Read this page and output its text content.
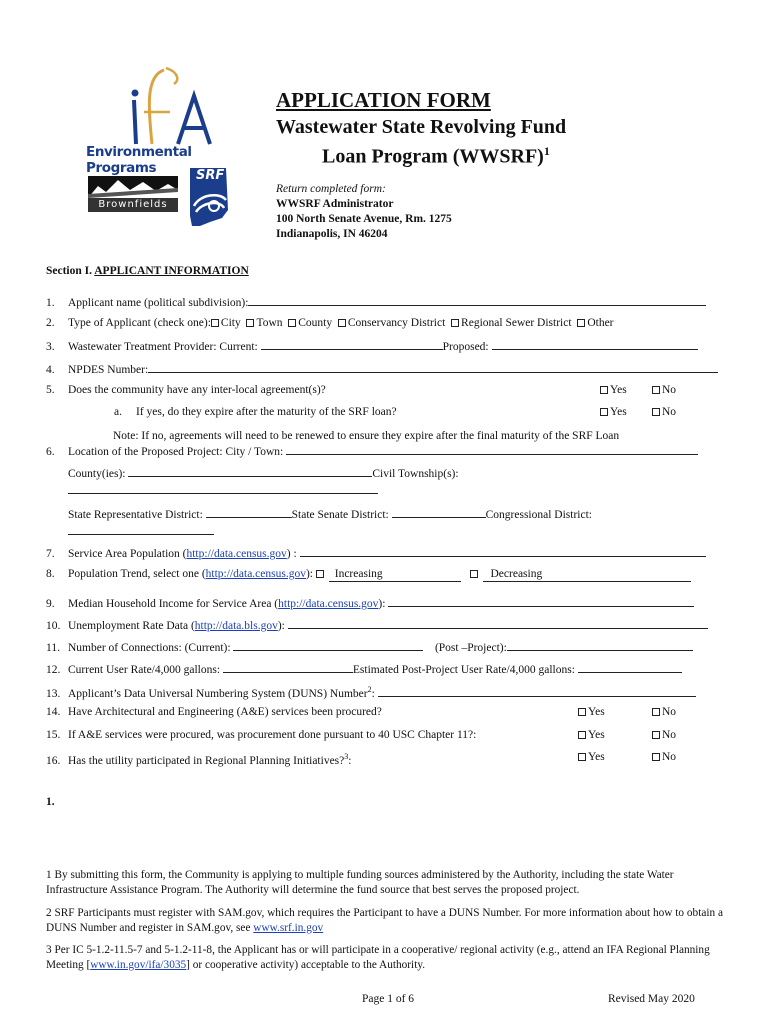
Environmental Programs
Brownfields
SRF
APPLICATION FORM
Wastewater State Revolving Fund
Loan Program (WWSRF)$^1$
Return completed form:
WWSRF Administrator
100 North Senate Avenue, Rm. 1275
Indianapolis, IN 46204
Section I. APPLICANT INFORMATION
1. Applicant name (political subdivision):
2. Type of Applicant (check one): City Town County Conservancy District Regional Sewer District Other
3. Wastewater Treatment Provider: Current:	Proposed:
4. NPDES Number:
5. Does the community have any inter-local agreement(s)?	Yes	No
a. If yes, do they expire after the maturity of the SRF loan?	Yes	No
Note: If no, agreements will need to be renewed to ensure they expire after the final maturity of the SRF Loan
6. Location of the Proposed Project: City / Town:
County(ies):	Civil Township(s):
State Representative District:	State Senate District:	Congressional District:
7. Service Area Population (http://data.census.gov) :
8. Population Trend, select one (http://data.census.gov): Increasing	Decreasing
9. Median Household Income for Service Area (http://data.census.gov):
10. Unemployment Rate Data (http://data.bls.gov):
11. Number of Connections: (Current):	(Post –Project):
12. Current User Rate/4,000 gallons:	Estimated Post-Project User Rate/4,000 gallons:
13. Applicant’s Data Universal Numbering System (DUNS) Number$^2$:
14. Have Architectural and Engineering (A&E) services been procured?	Yes	No
15. If A&E services were procured, was procurement done pursuant to 40 USC Chapter 11?:	Yes	No
16. Has the utility participated in Regional Planning Initiatives?$^3$:	Yes	No
1.
1 By submitting this form, the Community is applying to multiple funding sources administered by the Authority, including the state Water Infrastructure Assistance Program. The Authority will determine the fund source that best serves the proposed project.
2 SRF Participants must register with SAM.gov, which requires the Participant to have a DUNS Number. For more information about how to obtain a DUNS Number and register in SAM.gov, see www.srf.in.gov
3 Per IC 5-1.2-11.5-7 and 5-1.2-11-8, the Applicant has or will participate in a cooperative/ regional activity (e.g., attend an IFA Regional Planning Meeting [www.in.gov/ifa/3035] or cooperative activity) acceptable to the Authority.
Page 1 of 6	Revised May 2020
